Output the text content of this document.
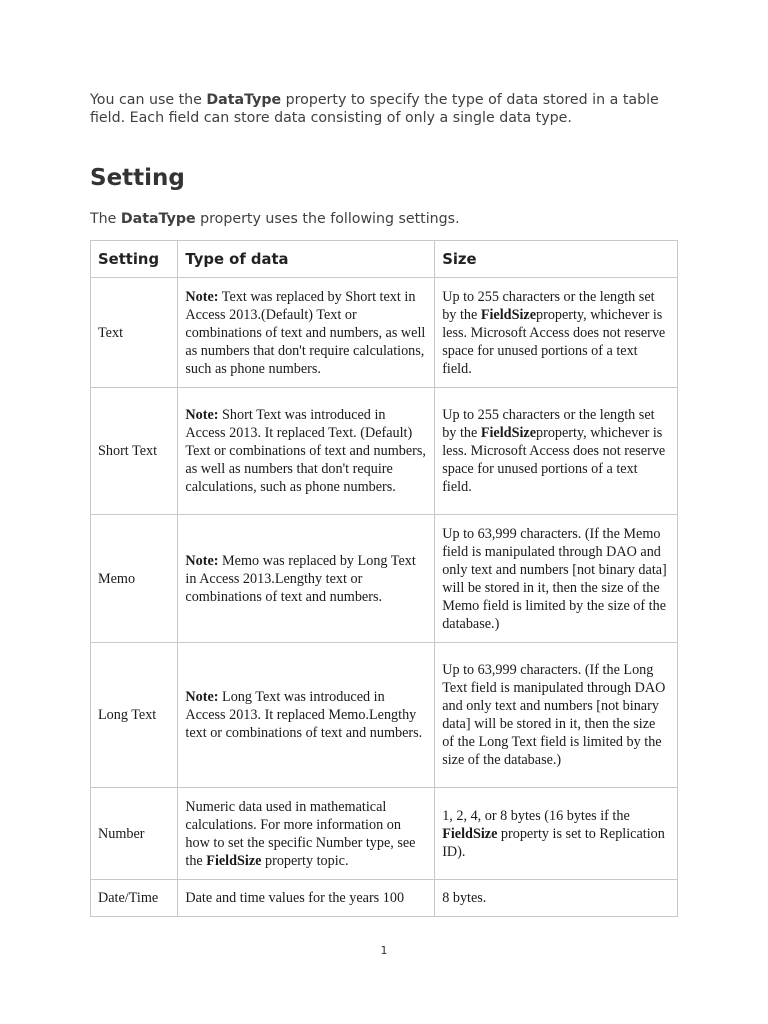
You can use the DataType property to specify the type of data stored in a table field. Each field can store data consisting of only a single data type.

Setting

The DataType property uses the following settings.

Setting	Type of data	Size
Text	Note: Text was replaced by Short text in Access 2013.(Default) Text or combinations of text and numbers, as well as numbers that don't require calculations, such as phone numbers.	Up to 255 characters or the length set by the FieldSizeproperty, whichever is less. Microsoft Access does not reserve space for unused portions of a text field.
Short Text	Note: Short Text was introduced in Access 2013. It replaced Text. (Default) Text or combinations of text and numbers, as well as numbers that don't require calculations, such as phone numbers.	Up to 255 characters or the length set by the FieldSizeproperty, whichever is less. Microsoft Access does not reserve space for unused portions of a text field.
Memo	Note: Memo was replaced by Long Text in Access 2013.Lengthy text or combinations of text and numbers.	Up to 63,999 characters. (If the Memo field is manipulated through DAO and only text and numbers [not binary data] will be stored in it, then the size of the Memo field is limited by the size of the database.)
Long Text	Note: Long Text was introduced in Access 2013. It replaced Memo.Lengthy text or combinations of text and numbers.	Up to 63,999 characters. (If the Long Text field is manipulated through DAO and only text and numbers [not binary data] will be stored in it, then the size of the Long Text field is limited by the size of the database.)
Number	Numeric data used in mathematical calculations. For more information on how to set the specific Number type, see the FieldSize property topic.	1, 2, 4, or 8 bytes (16 bytes if the FieldSize property is set to Replication ID).
Date/Time	Date and time values for the years 100	8 bytes.
1
